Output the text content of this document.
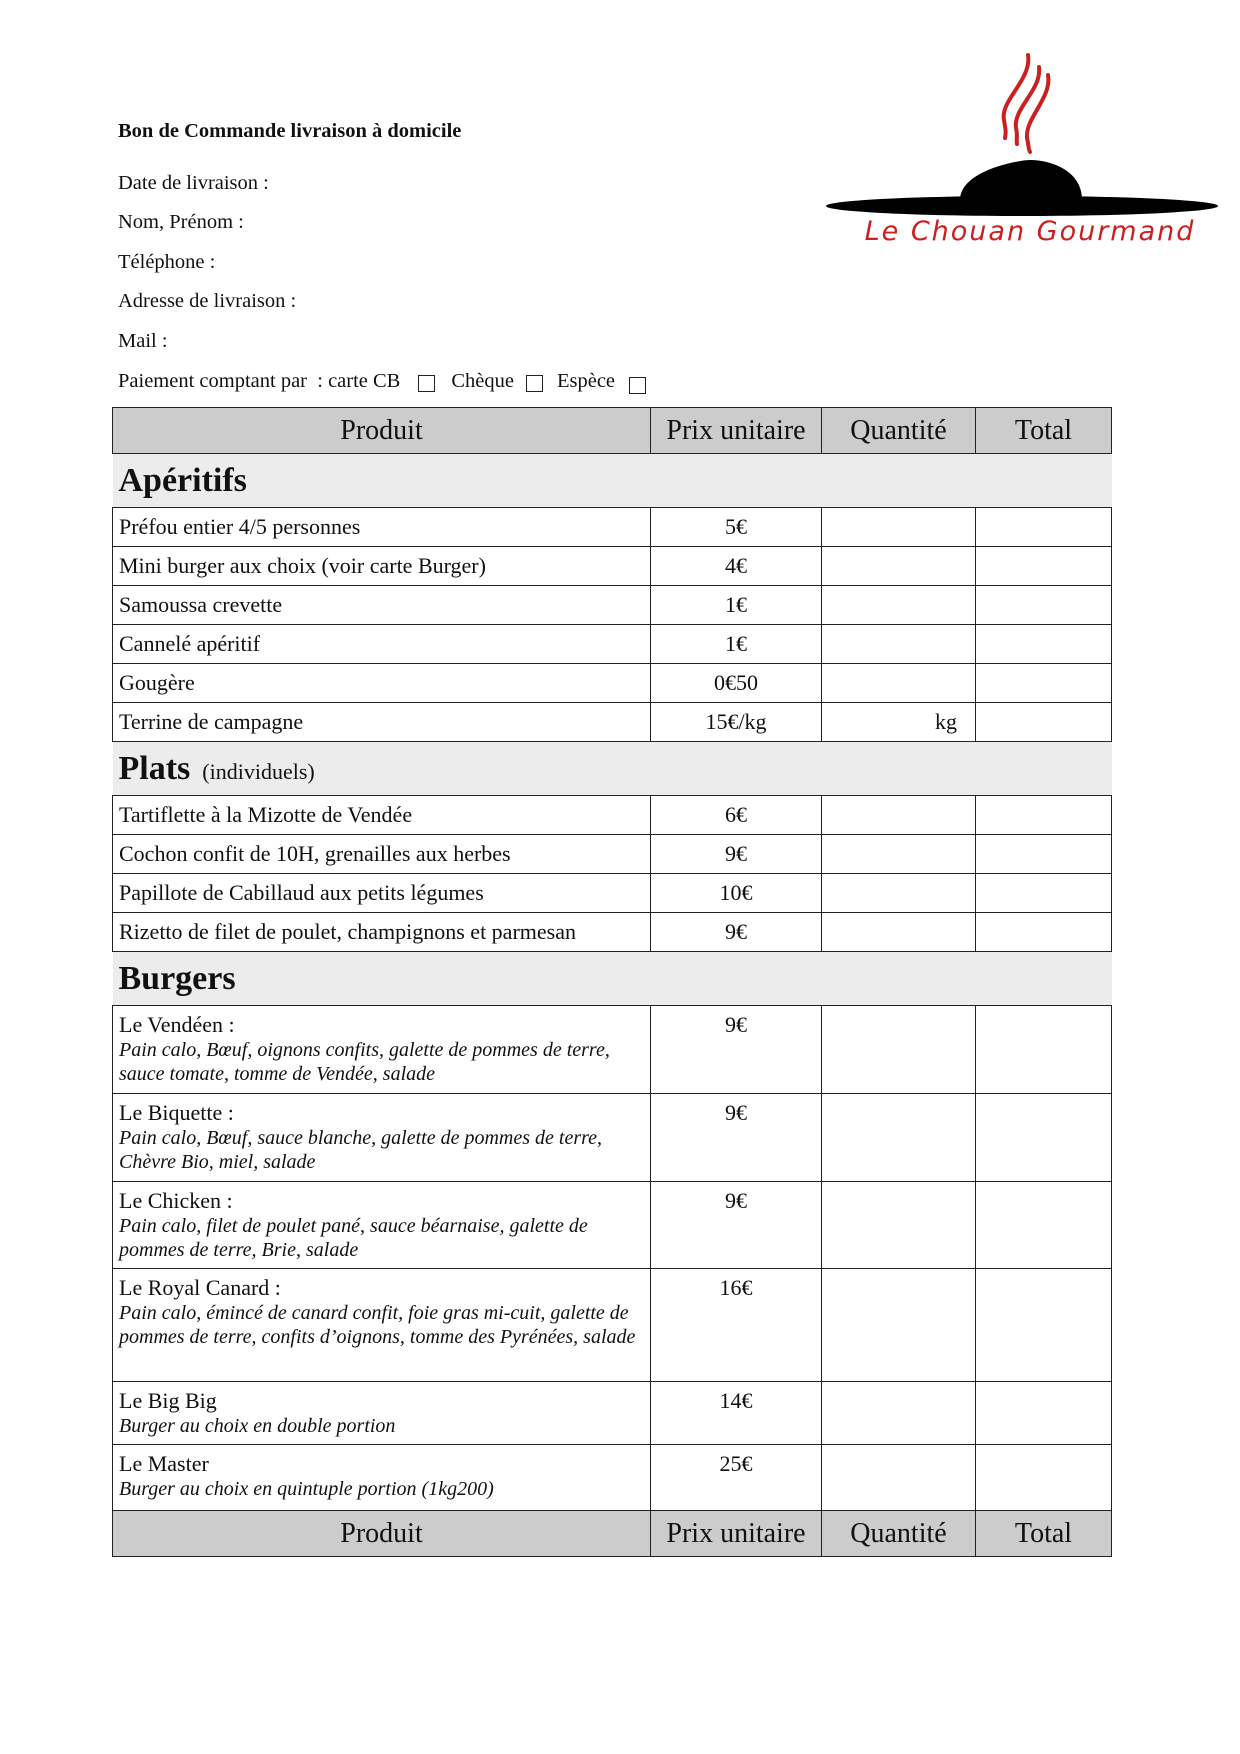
Bon de Commande livraison à domicile
Date de livraison :
Nom, Prénom :
Téléphone :
Adresse de livraison :
Mail :
Paiement comptant par  : carte CB Chèque Espèce
Le Chouan Gourmand
Produit	Prix unitaire	Quantité	Total
Apéritifs			
Préfou entier 4/5 personnes	5€		
Mini burger aux choix (voir carte Burger)	4€		
Samoussa crevette	1€		
Cannelé apéritif	1€		
Gougère	0€50		
Terrine de campagne	15€/kg	kg	
Plats (individuels)			
Tartiflette à la Mizotte de Vendée	6€		
Cochon confit de 10H, grenailles aux herbes	9€		
Papillote de Cabillaud aux petits légumes	10€		
Rizetto de filet de poulet, champignons et parmesan	9€		
Burgers			

Le Vendéen :
Pain calo, Bœuf, oignons confits, galette de pommes de terre, sauce tomate, tomme de Vendée, salade	9€		

Le Biquette :
Pain calo, Bœuf, sauce blanche, galette de pommes de terre, Chèvre Bio, miel, salade	9€		

Le Chicken :
Pain calo, filet de poulet pané, sauce béarnaise, galette de pommes de terre, Brie, salade	9€		

Le Royal Canard :
Pain calo, émincé de canard confit, foie gras mi-cuit, galette de pommes de terre, confits d’oignons, tomme des Pyrénées, salade	16€		

Le Big Big
Burger au choix en double portion	14€		

Le Master
Burger au choix en quintuple portion (1kg200)	25€		
Produit	Prix unitaire	Quantité	Total
